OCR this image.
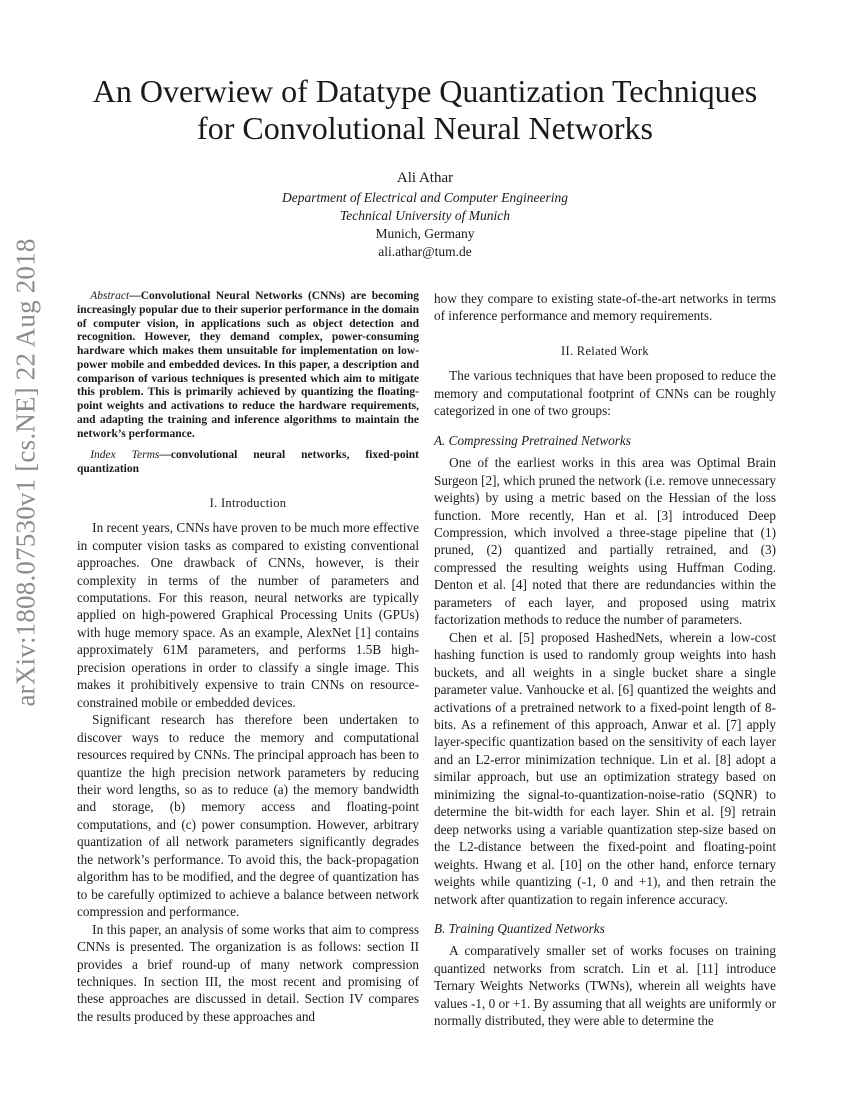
arXiv:1808.07530v1 [cs.NE] 22 Aug 2018
An Overwiew of Datatype Quantization Techniques
for Convolutional Neural Networks
Ali Athar
Department of Electrical and Computer Engineering
Technical University of Munich
Munich, Germany
ali.athar@tum.de

Abstract—Convolutional Neural Networks (CNNs) are becoming increasingly popular due to their superior performance in the domain of computer vision, in applications such as object detection and recognition. However, they demand complex, power-consuming hardware which makes them unsuitable for implementation on low-power mobile and embedded devices. In this paper, a description and comparison of various techniques is presented which aim to mitigate this problem. This is primarily achieved by quantizing the floating-point weights and activations to reduce the hardware requirements, and adapting the training and inference algorithms to maintain the network’s performance.

Index Terms—convolutional neural networks, fixed-point quantization

I. Introduction

In recent years, CNNs have proven to be much more effective in computer vision tasks as compared to existing conventional approaches. One drawback of CNNs, however, is their complexity in terms of the number of parameters and computations. For this reason, neural networks are typically applied on high-powered Graphical Processing Units (GPUs) with huge memory space. As an example, AlexNet [1] contains approximately 61M parameters, and performs 1.5B high-precision operations in order to classify a single image. This makes it prohibitively expensive to train CNNs on resource-constrained mobile or embedded devices.

Significant research has therefore been undertaken to discover ways to reduce the memory and computational resources required by CNNs. The principal approach has been to quantize the high precision network parameters by reducing their word lengths, so as to reduce (a) the memory bandwidth and storage, (b) memory access and floating-point computations, and (c) power consumption. However, arbitrary quantization of all network parameters significantly degrades the network’s performance. To avoid this, the back-propagation algorithm has to be modified, and the degree of quantization has to be carefully optimized to achieve a balance between network compression and performance.

In this paper, an analysis of some works that aim to compress CNNs is presented. The organization is as follows: section II provides a brief round-up of many network compression techniques. In section III, the most recent and promising of these approaches are discussed in detail. Section IV compares the results produced by these approaches and

how they compare to existing state-of-the-art networks in terms of inference performance and memory requirements.

II. Related Work

The various techniques that have been proposed to reduce the memory and computational footprint of CNNs can be roughly categorized in one of two groups:

A. Compressing Pretrained Networks

One of the earliest works in this area was Optimal Brain Surgeon [2], which pruned the network (i.e. remove unnecessary weights) by using a metric based on the Hessian of the loss function. More recently, Han et al. [3] introduced Deep Compression, which involved a three-stage pipeline that (1) pruned, (2) quantized and partially retrained, and (3) compressed the resulting weights using Huffman Coding. Denton et al. [4] noted that there are redundancies within the parameters of each layer, and proposed using matrix factorization methods to reduce the number of parameters.

Chen et al. [5] proposed HashedNets, wherein a low-cost hashing function is used to randomly group weights into hash buckets, and all weights in a single bucket share a single parameter value. Vanhoucke et al. [6] quantized the weights and activations of a pretrained network to a fixed-point length of 8-bits. As a refinement of this approach, Anwar et al. [7] apply layer-specific quantization based on the sensitivity of each layer and an L2-error minimization technique. Lin et al. [8] adopt a similar approach, but use an optimization strategy based on minimizing the signal-to-quantization-noise-ratio (SQNR) to determine the bit-width for each layer. Shin et al. [9] retrain deep networks using a variable quantization step-size based on the L2-distance between the fixed-point and floating-point weights. Hwang et al. [10] on the other hand, enforce ternary weights while quantizing (-1, 0 and +1), and then retrain the network after quantization to regain inference accuracy.

B. Training Quantized Networks

A comparatively smaller set of works focuses on training quantized networks from scratch. Lin et al. [11] introduce Ternary Weights Networks (TWNs), wherein all weights have values -1, 0 or +1. By assuming that all weights are uniformly or normally distributed, they were able to determine the
